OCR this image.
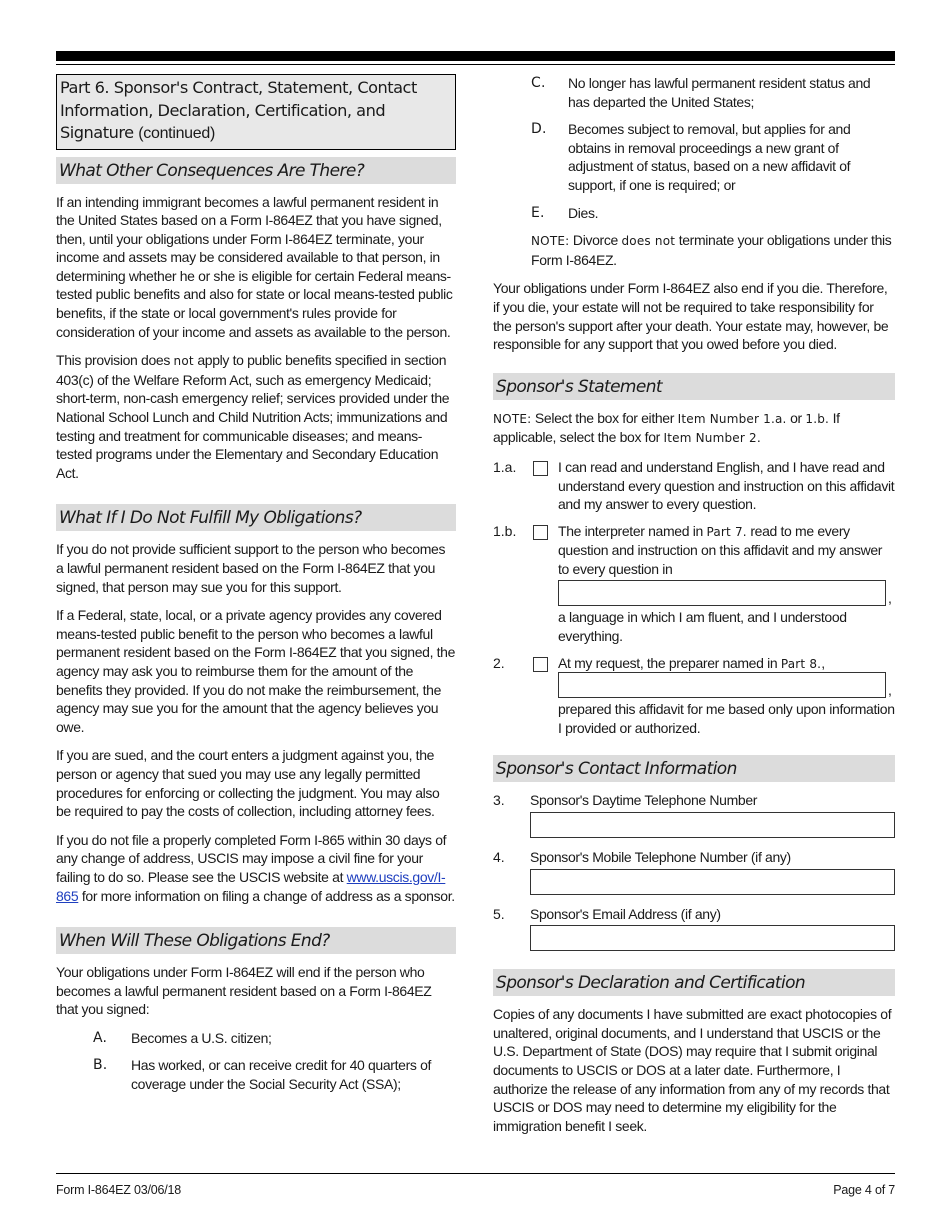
Part 6. Sponsor's Contract, Statement, Contact Information, Declaration, Certification, and Signature (continued)
What Other Consequences Are There?

If an intending immigrant becomes a lawful permanent resident in the United States based on a Form I-864EZ that you have signed, then, until your obligations under Form I-864EZ terminate, your income and assets may be considered available to that person, in determining whether he or she is eligible for certain Federal means-tested public benefits and also for state or local means-tested public benefits, if the state or local government's rules provide for consideration of your income and assets as available to the person.

This provision does not apply to public benefits specified in section 403(c) of the Welfare Reform Act, such as emergency Medicaid; short-term, non-cash emergency relief; services provided under the National School Lunch and Child Nutrition Acts; immunizations and testing and treatment for communicable diseases; and means-tested programs under the Elementary and Secondary Education Act.

What If I Do Not Fulfill My Obligations?

If you do not provide sufficient support to the person who becomes a lawful permanent resident based on the Form I-864EZ that you signed, that person may sue you for this support.

If a Federal, state, local, or a private agency provides any covered means-tested public benefit to the person who becomes a lawful permanent resident based on the Form I-864EZ that you signed, the agency may ask you to reimburse them for the amount of the benefits they provided. If you do not make the reimbursement, the agency may sue you for the amount that the agency believes you owe.

If you are sued, and the court enters a judgment against you, the person or agency that sued you may use any legally permitted procedures for enforcing or collecting the judgment. You may also be required to pay the costs of collection, including attorney fees.

If you do not file a properly completed Form I-865 within 30 days of any change of address, USCIS may impose a civil fine for your failing to do so. Please see the USCIS website at www.uscis.gov/I-865 for more information on filing a change of address as a sponsor.

When Will These Obligations End?

Your obligations under Form I-864EZ will end if the person who becomes a lawful permanent resident based on a Form I-864EZ that you signed:

A. Becomes a U.S. citizen;

B. Has worked, or can receive credit for 40 quarters of coverage under the Social Security Act (SSA);

C. No longer has lawful permanent resident status and has departed the United States;

D. Becomes subject to removal, but applies for and obtains in removal proceedings a new grant of adjustment of status, based on a new affidavit of support, if one is required; or

E. Dies.

NOTE: Divorce does not terminate your obligations under this Form I-864EZ.

Your obligations under Form I-864EZ also end if you die. Therefore, if you die, your estate will not be required to take responsibility for the person's support after your death. Your estate may, however, be responsible for any support that you owed before you died.

Sponsor's Statement

NOTE: Select the box for either Item Number 1.a. or 1.b. If applicable, select the box for Item Number 2.

1.a.	I can read and understand English, and I have read and understand every question and instruction on this affidavit and my answer to every question.

1.b.	The interpreter named in Part 7. read to me every question and instruction on this affidavit and my answer to every question in

,

a language in which I am fluent, and I understood everything.

2.	At my request, the preparer named in Part 8.,

,

prepared this affidavit for me based only upon information I provided or authorized.

Sponsor's Contact Information
3. Sponsor's Daytime Telephone Number

4. Sponsor's Mobile Telephone Number (if any)

5. Sponsor's Email Address (if any)

Sponsor's Declaration and Certification

Copies of any documents I have submitted are exact photocopies of unaltered, original documents, and I understand that USCIS or the U.S. Department of State (DOS) may require that I submit original documents to USCIS or DOS at a later date. Furthermore, I authorize the release of any information from any of my records that USCIS or DOS may need to determine my eligibility for the immigration benefit I seek.

Form I-864EZ 03/06/18	Page 4 of 7
